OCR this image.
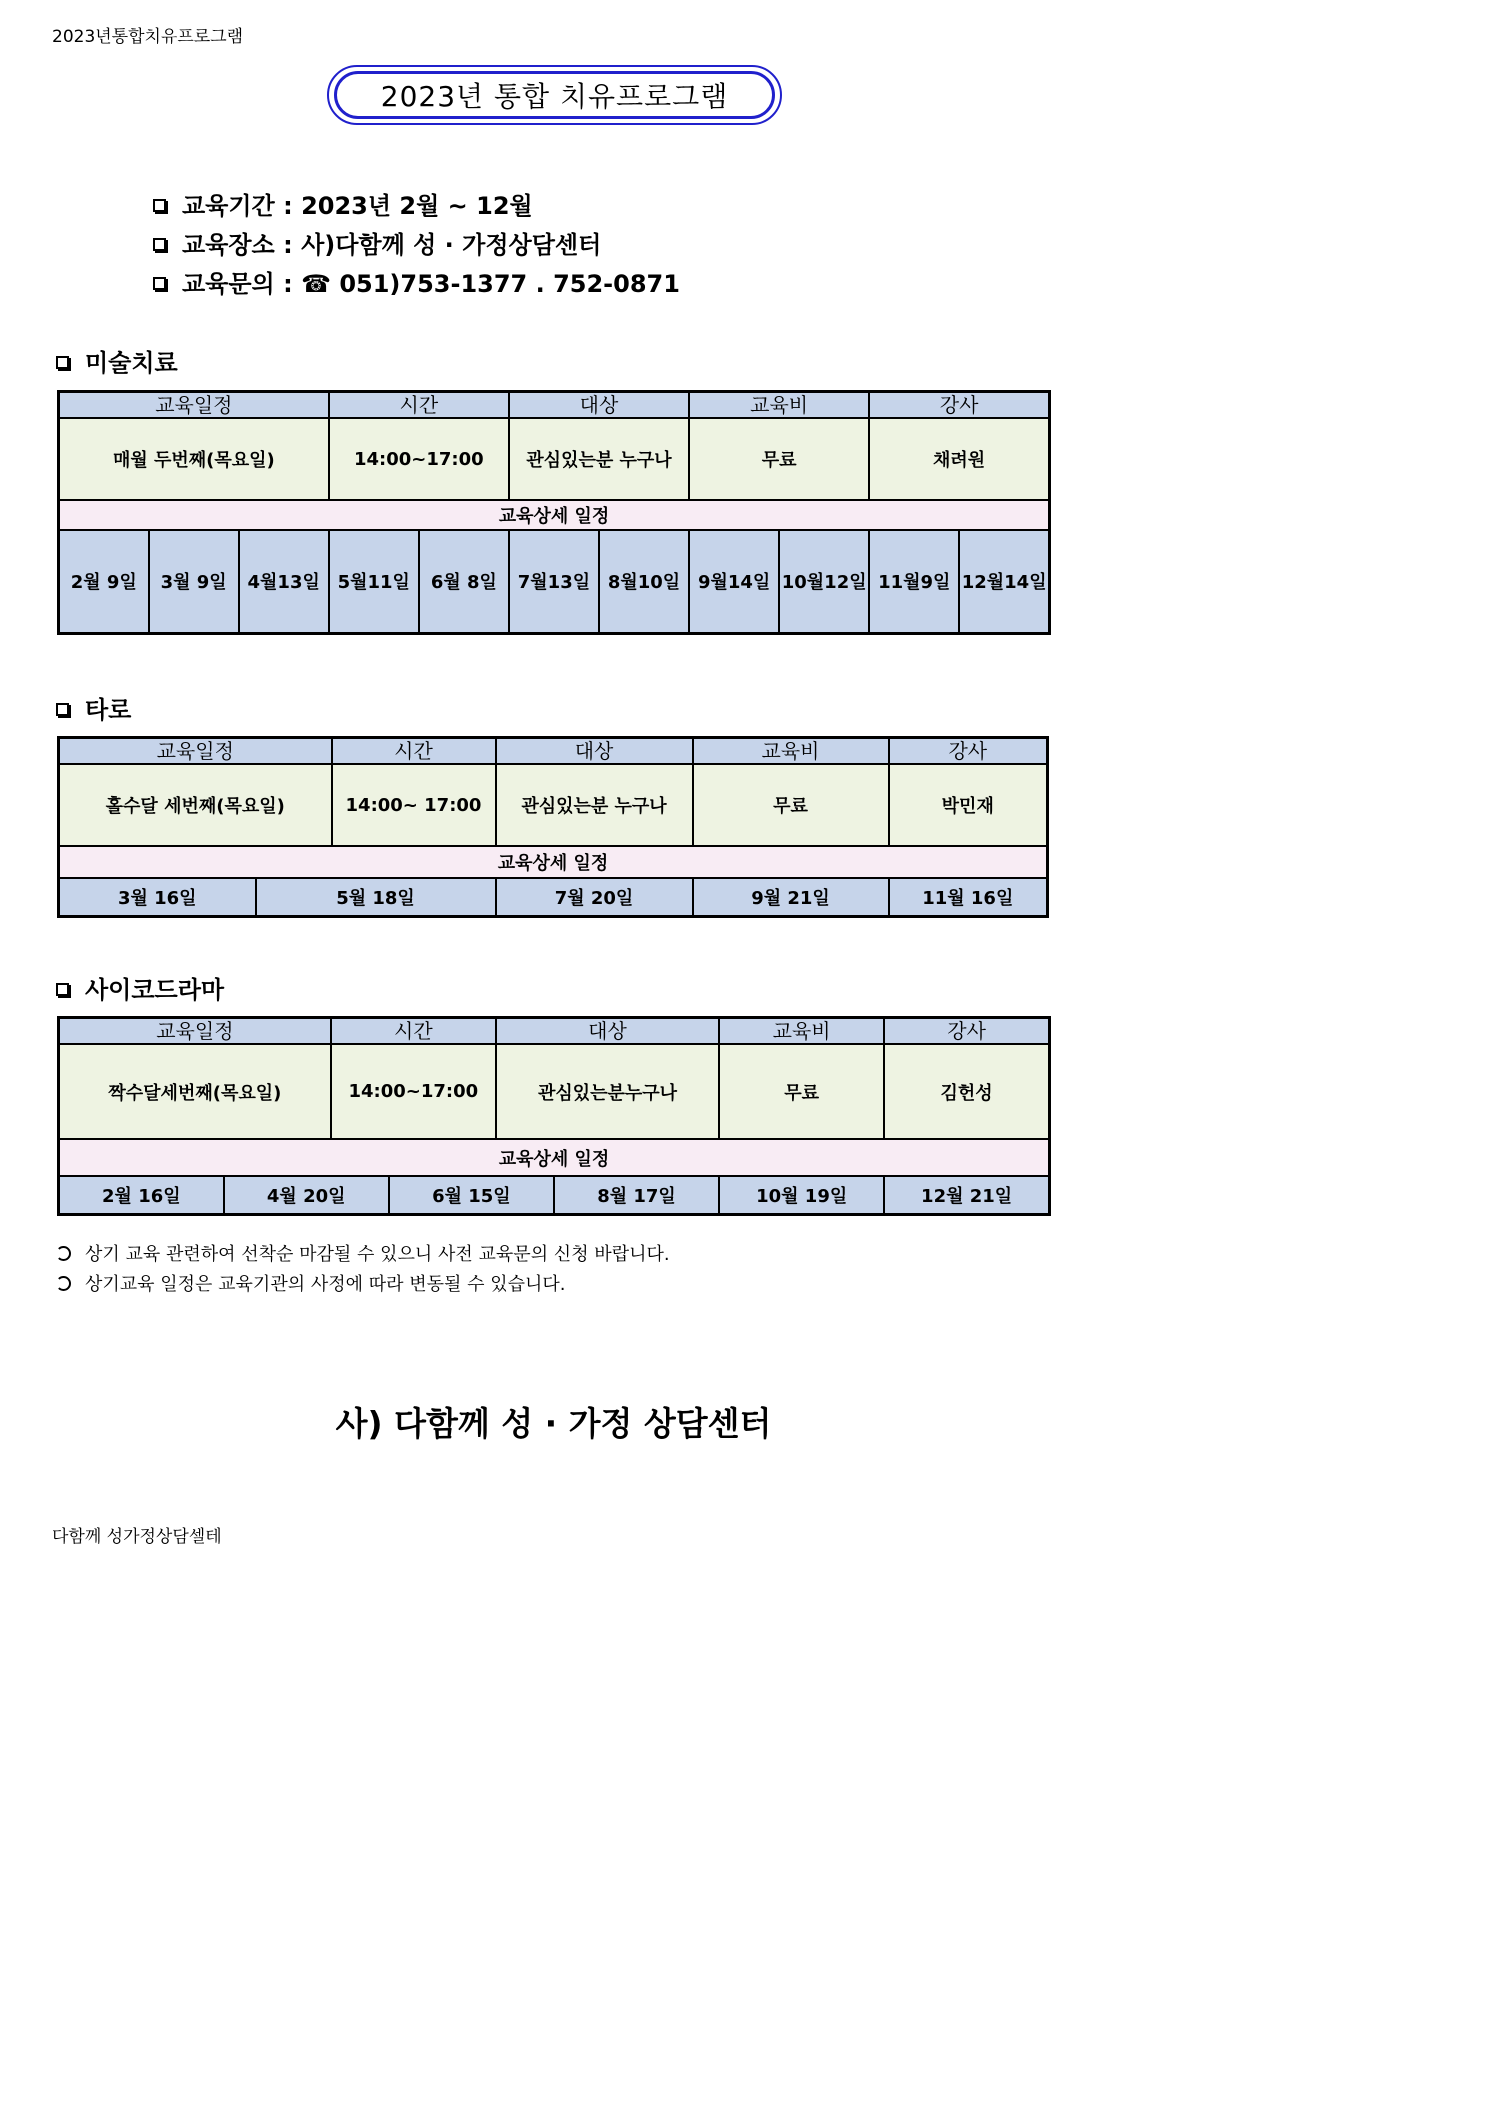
2023년통합치유프로그램
2023년 통합 치유프로그램
교육기간 : 2023년 2월 ~ 12월
교육장소 : 사)다함께 성 · 가정상담센터
교육문의 : ☎ 051)753-1377 . 752-0871
미술치료
교육일정			시간		대상		교육비		강사	
매월 두번째(목요일)			14:00~17:00		관심있는분 누구나		무료		채려원	
교육상세 일정										
2월 9일	3월 9일	4월13일	5월11일	6월 8일	7월13일	8월10일	9월14일	10월12일	11월9일	12월14일
타로
교육일정		시간	대상	교육비	강사
홀수달 세번째(목요일)		14:00~ 17:00	관심있는분 누구나	무료	박민재
교육상세 일정					
3월 16일	5월 18일		7월 20일	9월 21일	11월 16일
사이코드라마
교육일정		시간		대상		교육비	강사
짝수달세번째(목요일)		14:00~17:00		관심있는분누구나		무료	김헌성
교육상세 일정							
2월 16일	4월 20일		6월 15일		8월 17일	10월 19일	12월 21일
상기 교육 관련하여 선착순 마감될 수 있으니 사전 교육문의 신청 바랍니다.
상기교육 일정은 교육기관의 사정에 따라 변동될 수 있습니다.
사) 다함께 성 · 가정 상담센터
다함께 성가정상담셀테
